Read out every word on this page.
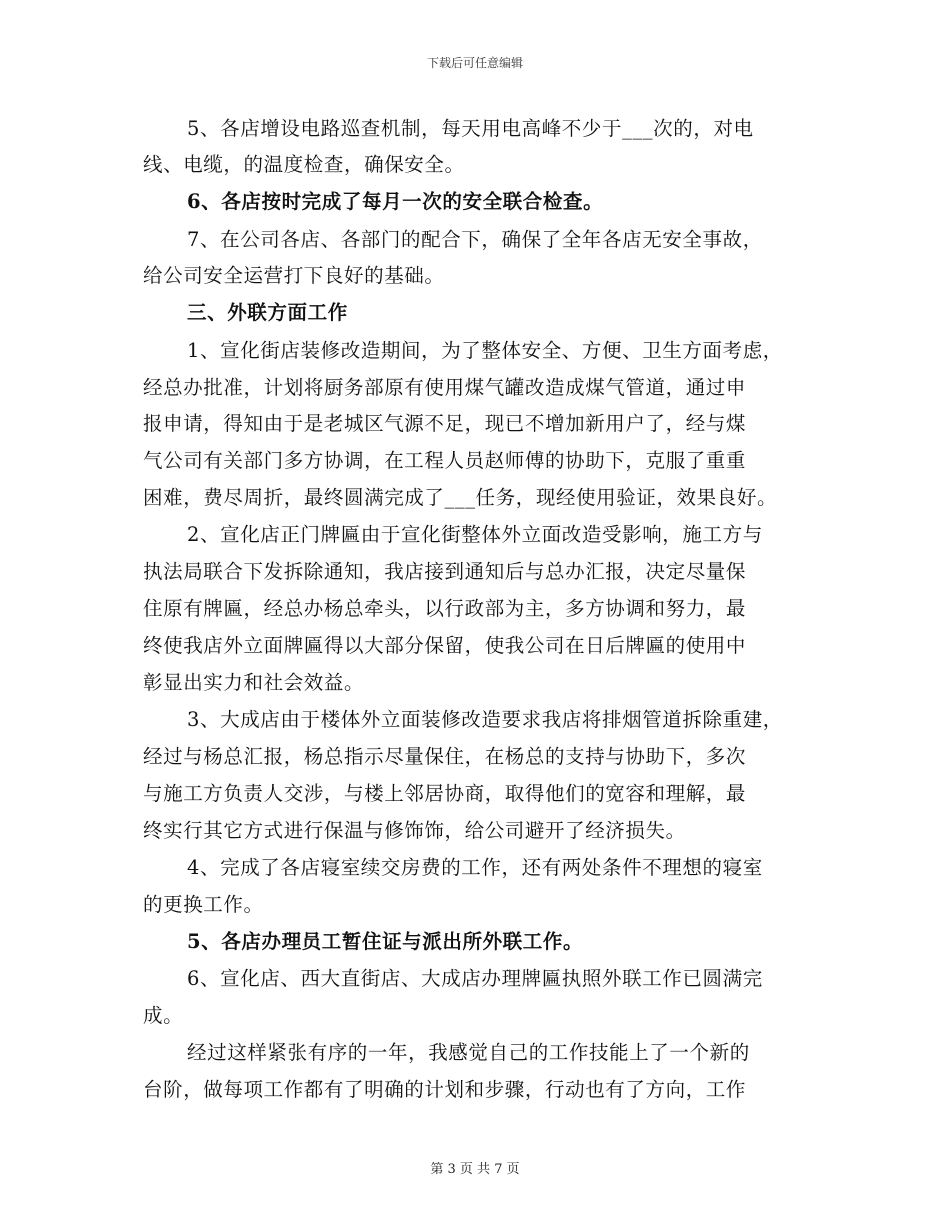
下载后可任意编辑
5、各店增设电路巡查机制，每天用电高峰不少于___次的，对电
线、电缆，的温度检查，确保安全。
6、各店按时完成了每月一次的安全联合检查。
7、在公司各店、各部门的配合下，确保了全年各店无安全事故，
给公司安全运营打下良好的基础。
三、外联方面工作
1、宣化街店装修改造期间，为了整体安全、方便、卫生方面考虑，
经总办批准，计划将厨务部原有使用煤气罐改造成煤气管道，通过申
报申请，得知由于是老城区气源不足，现已不增加新用户了，经与煤
气公司有关部门多方协调，在工程人员赵师傅的协助下，克服了重重
困难，费尽周折，最终圆满完成了___任务，现经使用验证，效果良好。
2、宣化店正门牌匾由于宣化街整体外立面改造受影响，施工方与
执法局联合下发拆除通知，我店接到通知后与总办汇报，决定尽量保
住原有牌匾，经总办杨总牵头，以行政部为主，多方协调和努力，最
终使我店外立面牌匾得以大部分保留，使我公司在日后牌匾的使用中
彰显出实力和社会效益。
3、大成店由于楼体外立面装修改造要求我店将排烟管道拆除重建，
经过与杨总汇报，杨总指示尽量保住，在杨总的支持与协助下，多次
与施工方负责人交涉，与楼上邻居协商，取得他们的宽容和理解，最
终实行其它方式进行保温与修饰饰，给公司避开了经济损失。
4、完成了各店寝室续交房费的工作，还有两处条件不理想的寝室
的更换工作。
5、各店办理员工暂住证与派出所外联工作。
6、宣化店、西大直街店、大成店办理牌匾执照外联工作已圆满完
成。
经过这样紧张有序的一年，我感觉自己的工作技能上了一个新的
台阶，做每项工作都有了明确的计划和步骤，行动也有了方向，工作
第 3 页 共 7 页
